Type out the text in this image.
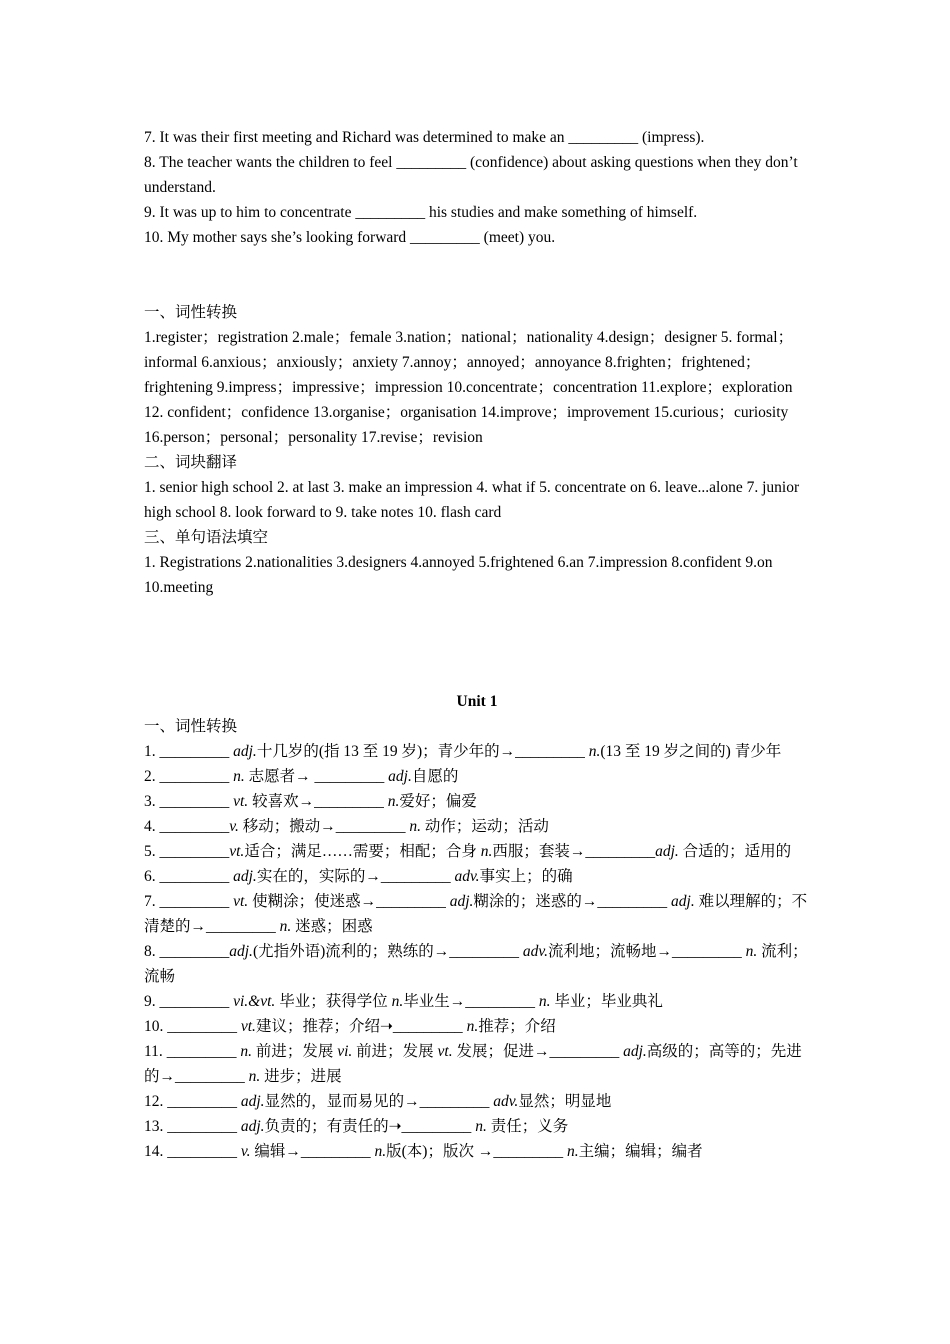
7. It was their first meeting and Richard was determined to make an _________ (impress).
8. The teacher wants the children to feel _________ (confidence) about asking questions when they don’t understand.
9. It was up to him to concentrate _________ his studies and make something of himself.
10. My mother says she’s looking forward _________ (meet) you.
一、词性转换
1.register；registration 2.male；female 3.nation；national；nationality 4.design；designer 5. formal；informal 6.anxious；anxiously；anxiety 7.annoy；annoyed；annoyance 8.frighten；frightened；frightening 9.impress；impressive；impression 10.concentrate；concentration 11.explore；exploration 12. confident；confidence 13.organise；organisation 14.improve；improvement 15.curious；curiosity 16.person；personal；personality 17.revise；revision
二、词块翻译
1. senior high school 2. at last 3. make an impression 4. what if 5. concentrate on 6. leave...alone 7. junior high school 8. look forward to 9. take notes 10. flash card
三、单句语法填空
1. Registrations 2.nationalities 3.designers 4.annoyed 5.frightened 6.an 7.impression 8.confident 9.on 10.meeting
Unit 1
一、词性转换
1. _________ adj.十几岁的(指 13 至 19 岁)；青少年的→_________ n.(13 至 19 岁之间的) 青少年
2. _________ n. 志愿者→ _________ adj.自愿的
3. _________ vt. 较喜欢→_________ n.爱好；偏爱
4. _________v. 移动；搬动→_________ n. 动作；运动；活动
5. _________vt.适合；满足……需要；相配；合身 n.西服；套装→_________adj. 合适的；适用的
6. _________ adj.实在的，实际的→_________ adv.事实上；的确
7. _________ vt. 使糊涂；使迷惑→_________ adj.糊涂的；迷惑的→_________ adj. 难以理解的；不清楚的→_________ n. 迷惑；困惑
8. _________adj.(尤指外语)流利的；熟练的→_________ adv.流利地；流畅地→_________ n. 流利；流畅
9. _________ vi.&vt. 毕业；获得学位 n.毕业生→_________ n. 毕业；毕业典礼
10. _________ vt.建议；推荐；介绍➝_________ n.推荐；介绍
11. _________ n. 前进；发展 vi. 前进；发展 vt. 发展；促进→_________ adj.高级的；高等的；先进的→_________ n. 进步；进展
12. _________ adj.显然的，显而易见的→_________ adv.显然；明显地
13. _________ adj.负责的；有责任的➝_________ n. 责任；义务
14. _________ v. 编辑→_________ n.版(本)；版次 →_________ n.主编；编辑；编者
